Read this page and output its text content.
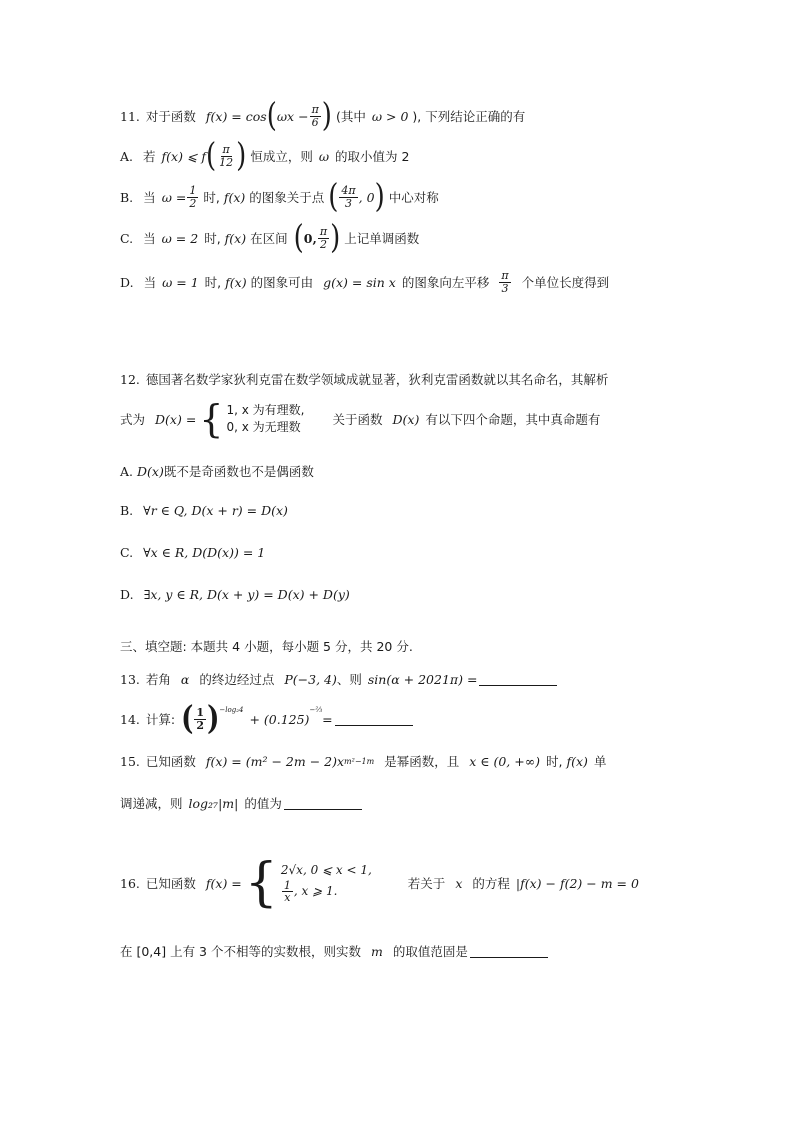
11. 对于函数 f(x) = cos ( $\omega x - \frac{\pi}{6}$ ) (其中 ω > 0 ), 下列结论正确的有
A. 若 f(x) ⩽ f ( $\frac{\pi}{12}$ ) 恒成立，则 ω 的取小值为 2
B. 当 $\omega = \frac{1}{2}$ 时, f(x) 的图象关于点 ( $\frac{4\pi}{3}$ , 0 ) 中心对称
C. 当 ω = 2 时, f(x) 在区间 ( 0, $\frac{\pi}{2}$ ) 上记单调函数
D. 当 ω = 1 时, f(x) 的图象可由 g(x) = sin x 的图象向左平移 $\frac{\pi}{3}$ 个单位长度得到
12. 德国著名数学家狄利克雷在数学领域成就显著，狄利克雷函数就以其名命名，其解析
式为 D(x) = { 1, x 为有理数,
0, x 为无理数	关于函数 D(x) 有以下四个命题，其中真命题有
A. D(x) 既不是奇函数也不是偶函数
B. ∀r ∈ Q, D(x + r) = D(x)
C. ∀x ∈ R, D(D(x)) = 1
D. ∃x, y ∈ R, D(x + y) = D(x) + D(y)
三、填空题: 本题共 4 小题，每小题 5 分，共 20 分.
13. 若角 α 的终边经过点 P(−3, 4) 、则 sin(α + 2021π) =
14. 计算: ( $\frac{1}{2}$ ) −log₂4
+ (0.125)
−⅔
=
15. 已知函数 f(x) = (m² − 2m − 2)x m²−1m 是幂函数，且 x ∈ (0, +∞) 时, f(x) 单
调递减，则 log₂₇|m| 的值为
16. 已知函数 f(x) = { 2√x, 0 ⩽ x < 1,
$\frac{1}{x}$ , x ⩾ 1.	若关于 x 的方程 |f(x) − f(2) − m = 0
在 [0,4] 上有 3 个不相等的实数根，则实数 m 的取值范固是
